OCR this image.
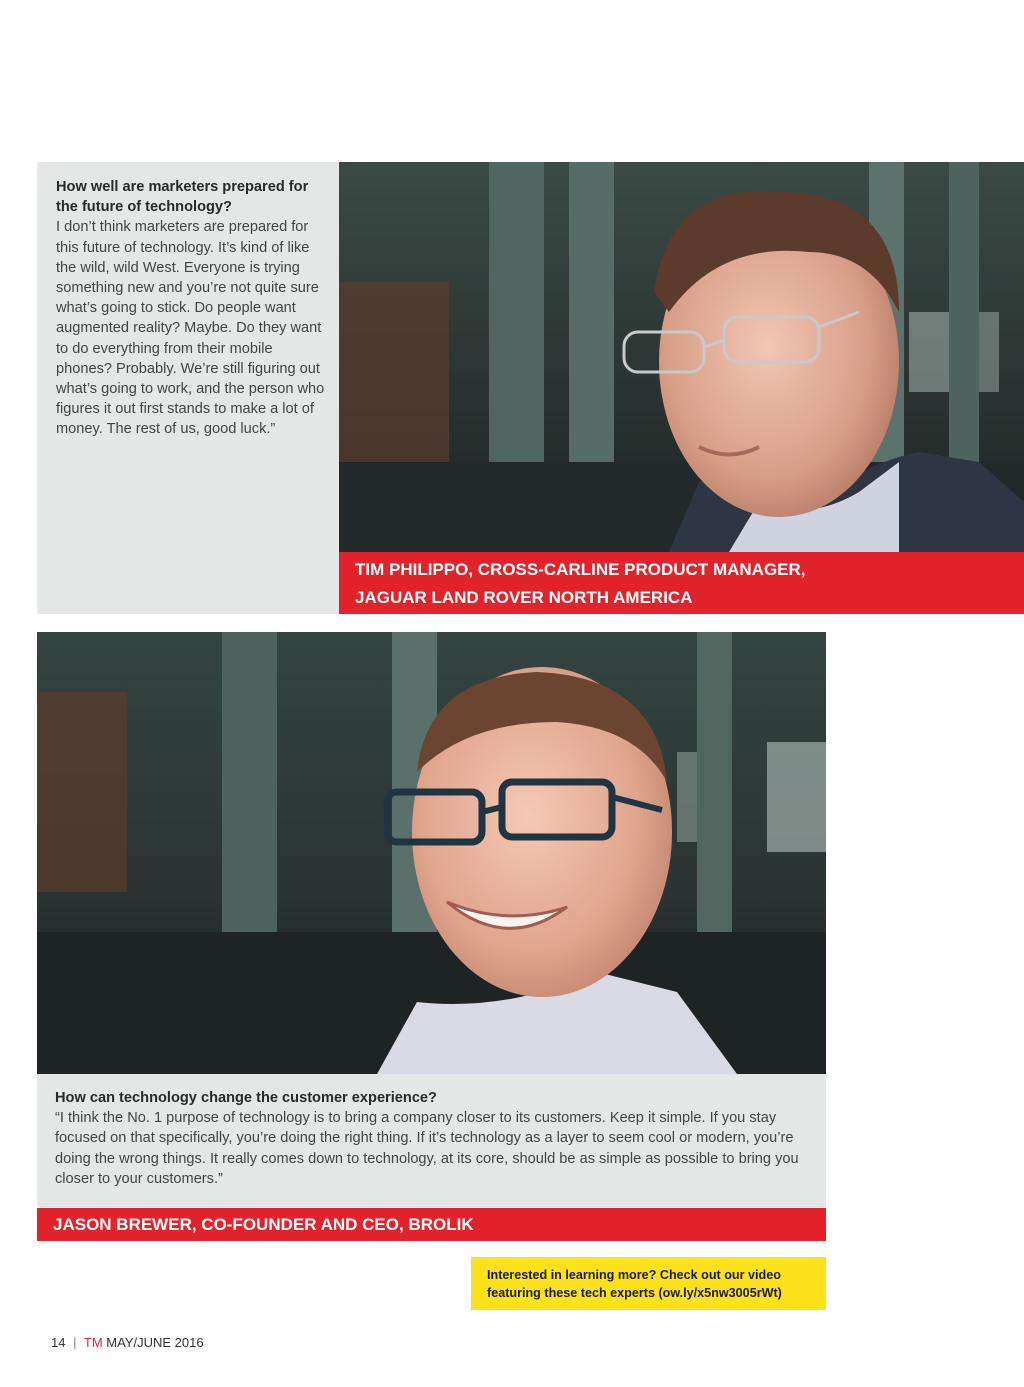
How well are marketers prepared for the future of technology?
I don’t think marketers are prepared for this future of technology. It’s kind of like the wild, wild West. Everyone is trying something new and you’re not quite sure what’s going to stick. Do people want augmented reality? Maybe. Do they want to do everything from their mobile phones? Probably. We’re still figuring out what’s going to work, and the person who figures it out first stands to make a lot of money. The rest of us, good luck.”
TIM PHILIPPO, CROSS-CARLINE PRODUCT MANAGER,
JAGUAR LAND ROVER NORTH AMERICA
How can technology change the customer experience?
“I think the No. 1 purpose of technology is to bring a company closer to its customers. Keep it simple. If you stay focused on that specifically, you’re doing the right thing. If it’s technology as a layer to seem cool or modern, you’re doing the wrong things. It really comes down to technology, at its core, should be as simple as possible to bring you closer to your customers.”
JASON BREWER, CO-FOUNDER AND CEO, BROLIK
Interested in learning more? Check out our video
featuring these tech experts (ow.ly/x5nw3005rWt)
14 | TM MAY/JUNE 2016
